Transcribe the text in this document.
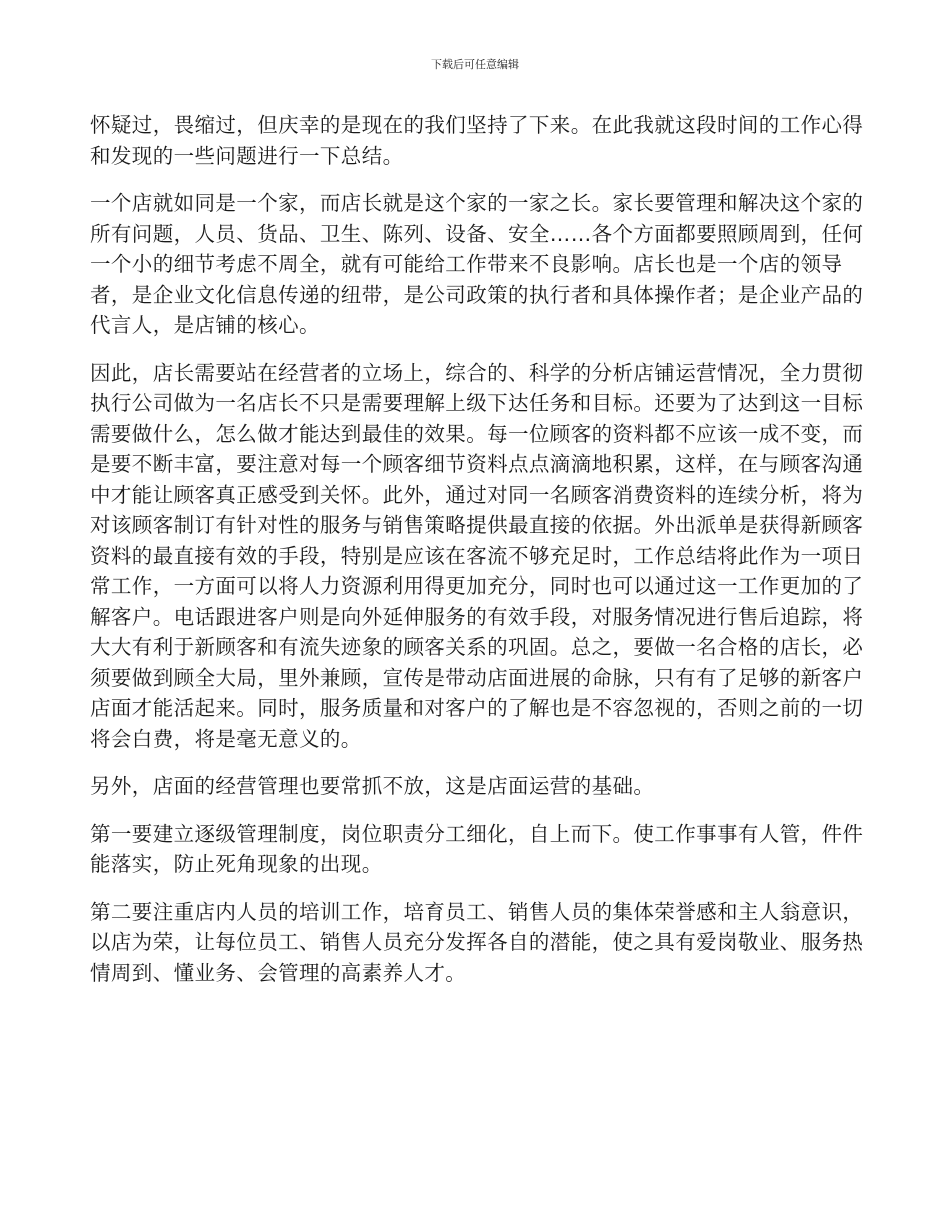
下载后可任意编辑

怀疑过，畏缩过，但庆幸的是现在的我们坚持了下来。在此我就这段时间的工作心得和发现的一些问题进行一下总结。

一个店就如同是一个家，而店长就是这个家的一家之长。家长要管理和解决这个家的所有问题，人员、货品、卫生、陈列、设备、安全……各个方面都要照顾周到，任何一个小的细节考虑不周全，就有可能给工作带来不良影响。店长也是一个店的领导者，是企业文化信息传递的纽带，是公司政策的执行者和具体操作者；是企业产品的代言人，是店铺的核心。

因此，店长需要站在经营者的立场上，综合的、科学的分析店铺运营情况，全力贯彻执行公司做为一名店长不只是需要理解上级下达任务和目标。还要为了达到这一目标需要做什么，怎么做才能达到最佳的效果。每一位顾客的资料都不应该一成不变，而是要不断丰富，要注意对每一个顾客细节资料点点滴滴地积累，这样，在与顾客沟通中才能让顾客真正感受到关怀。此外，通过对同一名顾客消费资料的连续分析，将为对该顾客制订有针对性的服务与销售策略提供最直接的依据。外出派单是获得新顾客资料的最直接有效的手段，特别是应该在客流不够充足时，工作总结将此作为一项日常工作，一方面可以将人力资源利用得更加充分，同时也可以通过这一工作更加的了解客户。电话跟进客户则是向外延伸服务的有效手段，对服务情况进行售后追踪，将大大有利于新顾客和有流失迹象的顾客关系的巩固。总之，要做一名合格的店长，必须要做到顾全大局，里外兼顾，宣传是带动店面进展的命脉，只有有了足够的新客户店面才能活起来。同时，服务质量和对客户的了解也是不容忽视的，否则之前的一切将会白费，将是毫无意义的。

另外，店面的经营管理也要常抓不放，这是店面运营的基础。

第一要建立逐级管理制度，岗位职责分工细化，自上而下。使工作事事有人管，件件能落实，防止死角现象的出现。

第二要注重店内人员的培训工作，培育员工、销售人员的集体荣誉感和主人翁意识，以店为荣，让每位员工、销售人员充分发挥各自的潜能，使之具有爱岗敬业、服务热情周到、懂业务、会管理的高素养人才。
